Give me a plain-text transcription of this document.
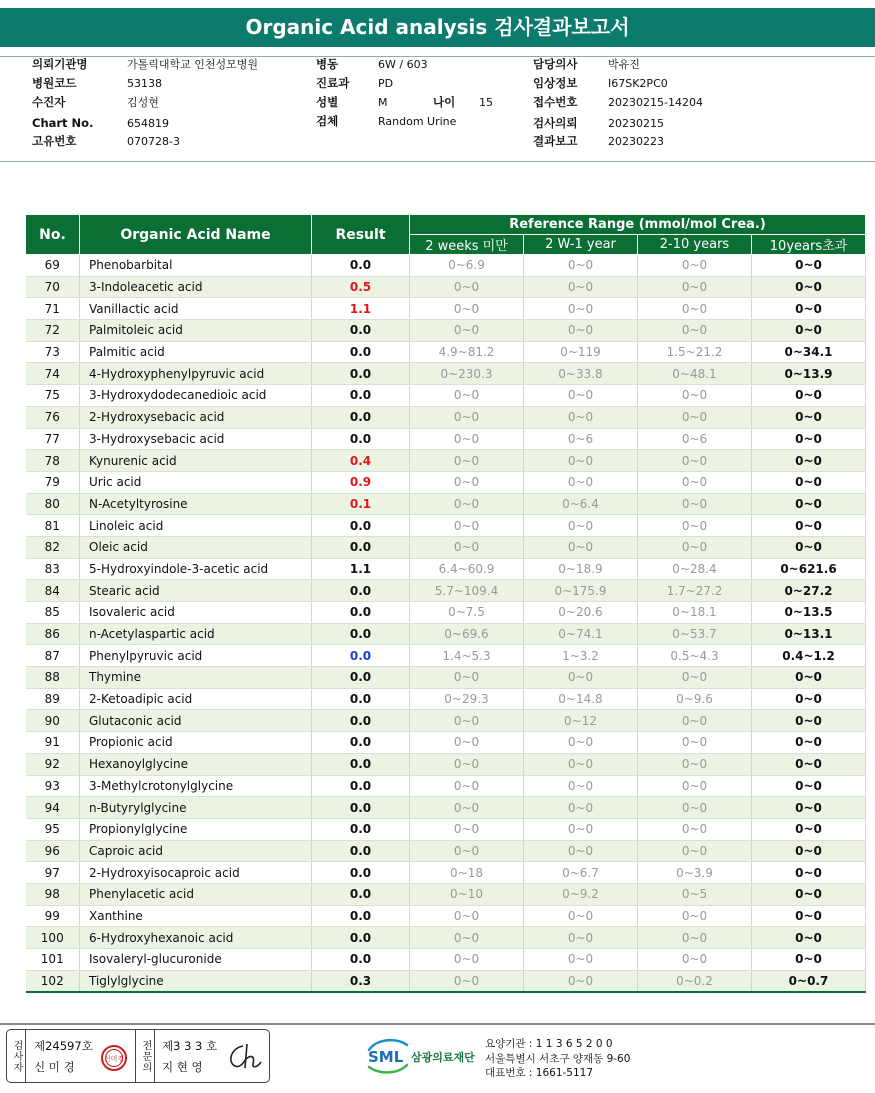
Organic Acid analysis 검사결과보고서
의뢰기관명	가톨릭대학교 인천성모병원
병원코드	53138
수진자	김성현
Chart No.	654819
고유번호	070728-3
병동	6W / 603
진료과	PD
성별	M	나이 15
검체	Random Urine
담당의사	박유진
임상정보	I67SK2PC0
접수번호	20230215-14204
검사의뢰	20230215
결과보고	20230223
No.	Organic Acid Name	Result	Reference Range (mmol/mol Crea.)			
			2 weeks 미만	2 W-1 year	2-10 years	10years초과
69	Phenobarbital	0.0	0~6.9	0~0	0~0	0~0
70	3-Indoleacetic acid	0.5	0~0	0~0	0~0	0~0
71	Vanillactic acid	1.1	0~0	0~0	0~0	0~0
72	Palmitoleic acid	0.0	0~0	0~0	0~0	0~0
73	Palmitic acid	0.0	4.9~81.2	0~119	1.5~21.2	0~34.1
74	4-Hydroxyphenylpyruvic acid	0.0	0~230.3	0~33.8	0~48.1	0~13.9
75	3-Hydroxydodecanedioic acid	0.0	0~0	0~0	0~0	0~0
76	2-Hydroxysebacic acid	0.0	0~0	0~0	0~0	0~0
77	3-Hydroxysebacic acid	0.0	0~0	0~6	0~6	0~0
78	Kynurenic acid	0.4	0~0	0~0	0~0	0~0
79	Uric acid	0.9	0~0	0~0	0~0	0~0
80	N-Acetyltyrosine	0.1	0~0	0~6.4	0~0	0~0
81	Linoleic acid	0.0	0~0	0~0	0~0	0~0
82	Oleic acid	0.0	0~0	0~0	0~0	0~0
83	5-Hydroxyindole-3-acetic acid	1.1	6.4~60.9	0~18.9	0~28.4	0~621.6
84	Stearic acid	0.0	5.7~109.4	0~175.9	1.7~27.2	0~27.2
85	Isovaleric acid	0.0	0~7.5	0~20.6	0~18.1	0~13.5
86	n-Acetylaspartic acid	0.0	0~69.6	0~74.1	0~53.7	0~13.1
87	Phenylpyruvic acid	0.0	1.4~5.3	1~3.2	0.5~4.3	0.4~1.2
88	Thymine	0.0	0~0	0~0	0~0	0~0
89	2-Ketoadipic acid	0.0	0~29.3	0~14.8	0~9.6	0~0
90	Glutaconic acid	0.0	0~0	0~12	0~0	0~0
91	Propionic acid	0.0	0~0	0~0	0~0	0~0
92	Hexanoylglycine	0.0	0~0	0~0	0~0	0~0
93	3-Methylcrotonylglycine	0.0	0~0	0~0	0~0	0~0
94	n-Butyrylglycine	0.0	0~0	0~0	0~0	0~0
95	Propionylglycine	0.0	0~0	0~0	0~0	0~0
96	Caproic acid	0.0	0~0	0~0	0~0	0~0
97	2-Hydroxyisocaproic acid	0.0	0~18	0~6.7	0~3.9	0~0
98	Phenylacetic acid	0.0	0~10	0~9.2	0~5	0~0
99	Xanthine	0.0	0~0	0~0	0~0	0~0
100	6-Hydroxyhexanoic acid	0.0	0~0	0~0	0~0	0~0
101	Isovaleryl-glucuronide	0.0	0~0	0~0	0~0	0~0
102	Tiglylglycine	0.3	0~0	0~0	0~0.2	0~0.7
검사자 제24597호
신 미 경
신미경 전문의 제3 3 3 호
지 현 영
SML 삼광의료재단
요양기관 : 1 1 3 6 5 2 0 0
서울특별시 서초구 양재동 9-60
대표번호 : 1661-5117
